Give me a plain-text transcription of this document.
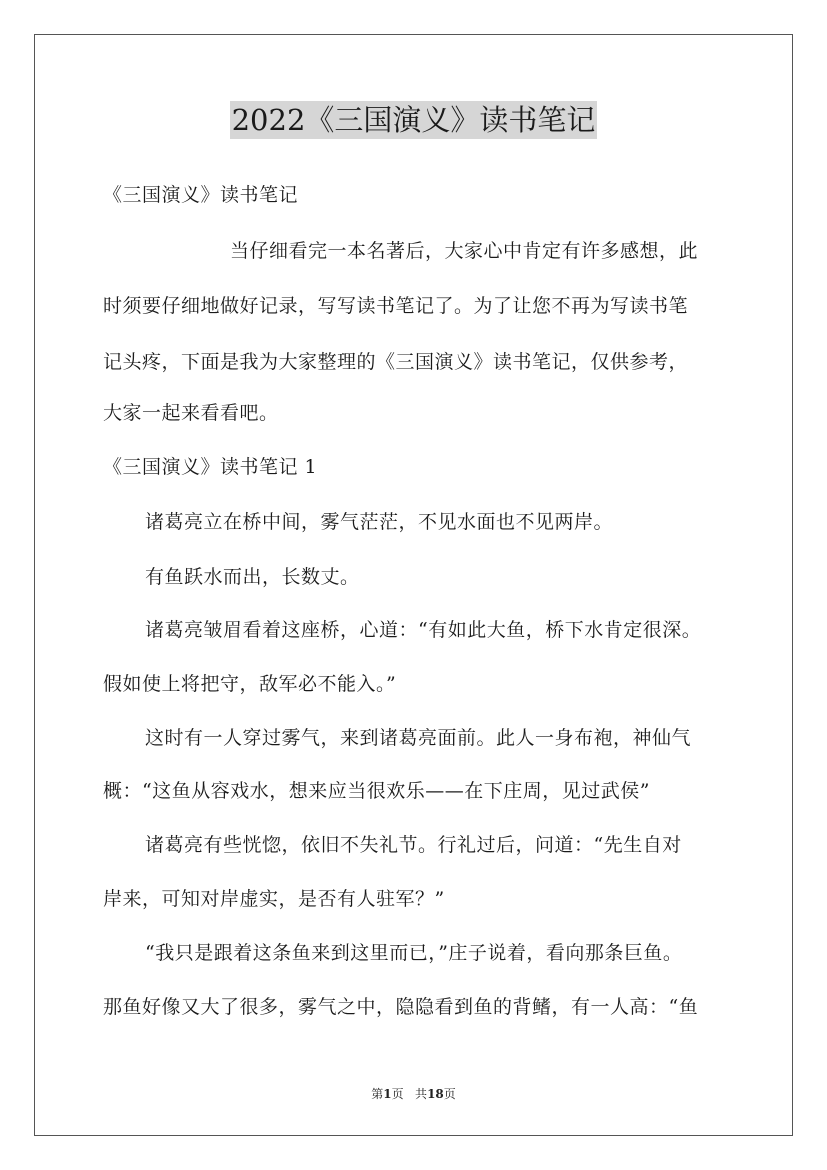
2022《三国演义》读书笔记
《三国演义》读书笔记
当仔细看完一本名著后，大家心中肯定有许多感想，此
时须要仔细地做好记录，写写读书笔记了。为了让您不再为写读书笔
记头疼，下面是我为大家整理的《三国演义》读书笔记，仅供参考，
大家一起来看看吧。
《三国演义》读书笔记 1
诸葛亮立在桥中间，雾气茫茫，不见水面也不见两岸。
有鱼跃水而出，长数丈。
诸葛亮皱眉看着这座桥，心道：“有如此大鱼，桥下水肯定很深。
假如使上将把守，敌军必不能入。”
这时有一人穿过雾气，来到诸葛亮面前。此人一身布袍，神仙气
概：“这鱼从容戏水，想来应当很欢乐——在下庄周，见过武侯”
诸葛亮有些恍惚，依旧不失礼节。行礼过后，问道：“先生自对
岸来，可知对岸虚实，是否有人驻军？”
“我只是跟着这条鱼来到这里而已，”庄子说着，看向那条巨鱼。
那鱼好像又大了很多，雾气之中，隐隐看到鱼的背鳍，有一人高：“鱼
第1页 共18页
